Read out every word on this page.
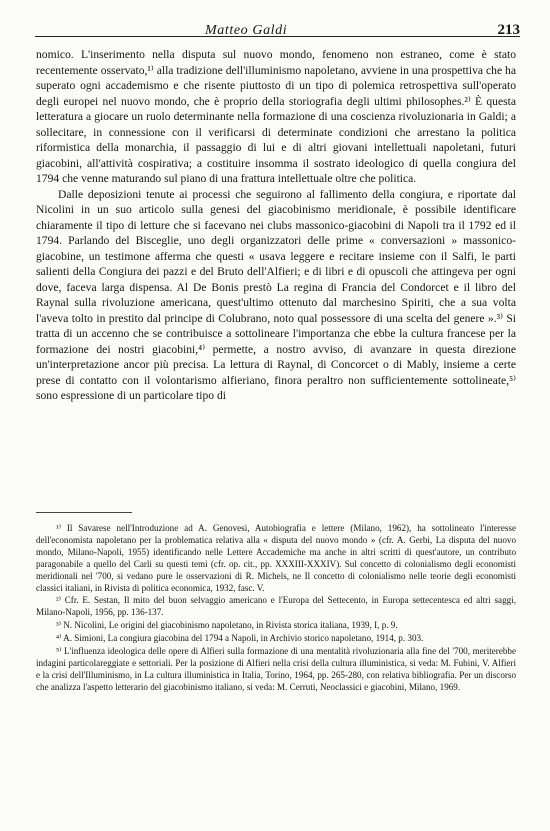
Matteo Galdi	213

nomico. L'inserimento nella disputa sul nuovo mondo, fenomeno non estraneo, come è stato recentemente osservato,¹⁾ alla tradizione dell'illuminismo napoletano, avviene in una prospettiva che ha superato ogni accademismo e che risente piuttosto di un tipo di polemica retrospettiva sull'operato degli europei nel nuovo mondo, che è proprio della storiografia degli ultimi philosophes.²⁾ È questa letteratura a giocare un ruolo determinante nella formazione di una coscienza rivoluzionaria in Galdi; a sollecitare, in connessione con il verificarsi di determinate condizioni che arrestano la politica riformistica della monarchia, il passaggio di lui e di altri giovani intellettuali napoletani, futuri giacobini, all'attività cospirativa; a costituire insomma il sostrato ideologico di quella congiura del 1794 che venne maturando sul piano di una frattura intellettuale oltre che politica.

Dalle deposizioni tenute ai processi che seguirono al fallimento della congiura, e riportate dal Nicolini in un suo articolo sulla genesi del giacobinismo meridionale, è possibile identificare chiaramente il tipo di letture che si facevano nei clubs massonico-giacobini di Napoli tra il 1792 ed il 1794. Parlando del Bisceglie, uno degli organizzatori delle prime « conversazioni » massonico-giacobine, un testimone afferma che questi « usava leggere e recitare insieme con il Salfi, le parti salienti della Congiura dei pazzi e del Bruto dell'Alfieri; e di libri e di opuscoli che attingeva per ogni dove, faceva larga dispensa. Al De Bonis prestò La regina di Francia del Condorcet e il libro del Raynal sulla rivoluzione americana, quest'ultimo ottenuto dal marchesino Spiriti, che a sua volta l'aveva tolto in prestito dal principe di Colubrano, noto qual possessore di una scelta del genere ».³⁾ Si tratta di un accenno che se contribuisce a sottolineare l'importanza che ebbe la cultura francese per la formazione dei nostri giacobini,⁴⁾ permette, a nostro avviso, di avanzare in questa direzione un'interpretazione ancor più precisa. La lettura di Raynal, di Concorcet o di Mably, insieme a certe prese di contatto con il volontarismo alfieriano, finora peraltro non sufficientemente sottolineate,⁵⁾ sono espressione di un particolare tipo di

¹⁾ Il Savarese nell'Introduzione ad A. Genovesi, Autobiografia e lettere (Milano, 1962), ha sottolineato l'interesse dell'economista napoletano per la problematica relativa alla « disputa del nuovo mondo » (cfr. A. Gerbi, La disputa del nuovo mondo, Milano-Napoli, 1955) identificando nelle Lettere Accademiche ma anche in altri scritti di quest'autore, un contributo paragonabile a quello del Carli su questi temi (cfr. op. cit., pp. XXXIII-XXXIV). Sul concetto di colonialismo degli economisti meridionali nel '700, si vedano pure le osservazioni di R. Michels, ne Il concetto di colonialismo nelle teorie degli economisti classici italiani, in Rivista di politica economica, 1932, fasc. V.

²⁾ Cfr. E. Sestan, Il mito del buon selvaggio americano e l'Europa del Settecento, in Europa settecentesca ed altri saggi, Milano-Napoli, 1956, pp. 136-137.

³⁾ N. Nicolini, Le origini del giacobinismo napoletano, in Rivista storica italiana, 1939, I, p. 9.

⁴⁾ A. Simioni, La congiura giacobina del 1794 a Napoli, in Archivio storico napoletano, 1914, p. 303.

⁵⁾ L'influenza ideologica delle opere di Alfieri sulla formazione di una mentalità rivoluzionaria alla fine del '700, meriterebbe indagini particolareggiate e settoriali. Per la posizione di Alfieri nella crisi della cultura illuministica, si veda: M. Fubini, V. Alfieri e la crisi dell'Illuminismo, in La cultura illuministica in Italia, Torino, 1964, pp. 265-280, con relativa bibliografia. Per un discorso che analizza l'aspetto letterario del giacobinismo italiano, si veda: M. Cerruti, Neoclassici e giacobini, Milano, 1969.
